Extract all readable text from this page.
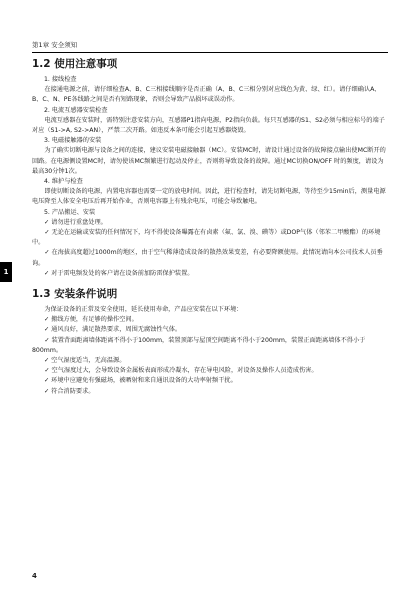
第1章 安全须知
1
1.2 使用注意事项

1. 接线检查

在接通电源之前，请仔细检查A、B、C三相接线顺序是否正确（A、B、C三相分别对应线色为黄、绿、红）。请仔细确认A、B、C、N、PE各线路之间是否有短路现象，否则会导致产品损坏或误动作。

2. 电流互感器安装检查

电流互感器在安装时，需特别注意安装方向，互感器P1指向电源，P2指向负载。每只互感器的S1、S2必须与相应标号的端子对应（S1->A, S2->AN），严禁二次开路。如违反本条可能会引起互感器烧毁。

3. 电磁接触器的安装

为了确实切断电源与设备之间的连接，建议安装电磁接触器（MC）。安装MC时，请设计通过设备的故障接点输出使MC断开的回路。在电源侧设置MC时，请勿使该MC频繁进行起动及停止，否则将导致设备的故障。通过MC切换ON/OFF 时的频度，请设为最高30分钟1次。

4. 维护与检查

即使切断设备的电源，内置电容器也需要一定的放电时间。因此，进行检查时，请先切断电源，等待至少15min后，测量电源电压降至人体安全电压后再开始作业，否则电容器上有残余电压，可能会导致触电。

5. 产品搬运、安装

✓ 请勿进行重盘处理。

✓ 无论在运输或安装的任何情况下，均不得使设备曝露在有卤素（氟、氯、溴、碘等）或DOP气体（邻苯二甲酸酯）的环境中。

✓ 在海拔高度超过1000m的地区，由于空气稀薄造成设备的散热效果变差，有必要降额使用。此情况请向本公司技术人员垂询。

✓ 对于雷电频发处的客户请在设备前加防雷保护装置。

1.3 安装条件说明

为保证设备的正常及安全使用，延长使用寿命，产品应安装在以下环境：

✓ 搬线方便，有足够的操作空间。

✓ 通风良好，满足散热要求，周围无腐蚀性气体。

✓ 装置背面距离墙体距离不得小于100mm，装置顶部与屋顶空间距离不得小于200mm，装置正面距离墙体不得小于800mm。

✓ 空气湿度适当，无高温源。

✓ 空气湿度过大，会导致设备金属板表面形成冷凝水，存在导电风险，对设备及操作人员造成伤害。

✓ 环境中应避免有强磁场，被晒射和来自通讯设备的大功率射频干扰。

✓ 符合消防要求。

4
